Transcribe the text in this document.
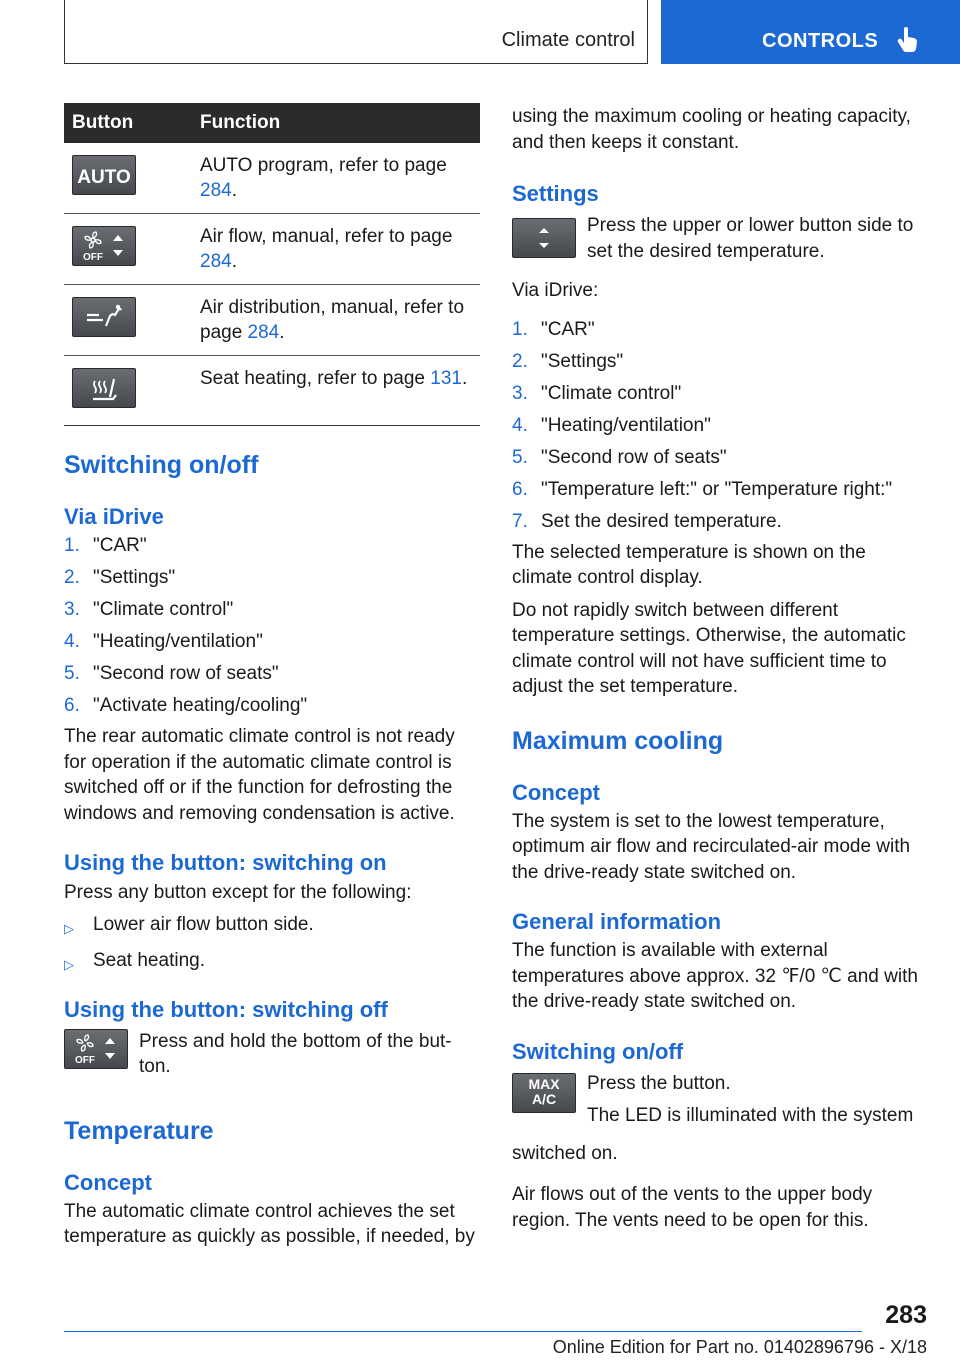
Climate control	CONTROLS
Button	Function

AUTO	AUTO program, refer to page 284.

OFF	Air flow, manual, refer to page 284.

	Air distribution, manual, refer to page 284.

	Seat heating, refer to page 131.
Switching on/off
Via iDrive
1. "CAR"
2. "Settings"
3. "Climate control"
4. "Heating/ventilation"
5. "Second row of seats"
6. "Activate heating/cooling"

The rear automatic climate control is not ready for operation if the automatic climate control is switched off or if the function for defrosting the windows and removing condensation is active.

Using the button: switching on

Press any button except for the following:

▷	Lower air flow button side.
▷	Seat heating.
Using the button: switching off
OFF

Press and hold the bottom of the but-

ton.

Temperature
Concept

The automatic climate control achieves the set temperature as quickly as possible, if needed, by

using the maximum cooling or heating capacity, and then keeps it constant.

Settings

Press the upper or lower button side to set the desired temperature.

Via iDrive:

1. "CAR"
2. "Settings"
3. "Climate control"
4. "Heating/ventilation"
5. "Second row of seats"
6. "Temperature left:" or "Temperature right:"
7. Set the desired temperature.

The selected temperature is shown on the climate control display.

Do not rapidly switch between different temperature settings. Otherwise, the automatic climate control will not have sufficient time to adjust the set temperature.

Maximum cooling
Concept

The system is set to the lowest temperature, optimum air flow and recirculated-air mode with the drive-ready state switched on.

General information

The function is available with external temperatures above approx. 32 ℉/0 ℃ and with the drive-ready state switched on.

Switching on/off
MAX
A/C

Press the button.

The LED is illuminated with the system

switched on.

Air flows out of the vents to the upper body region. The vents need to be open for this.

283
Online Edition for Part no. 01402896796 - X/18
